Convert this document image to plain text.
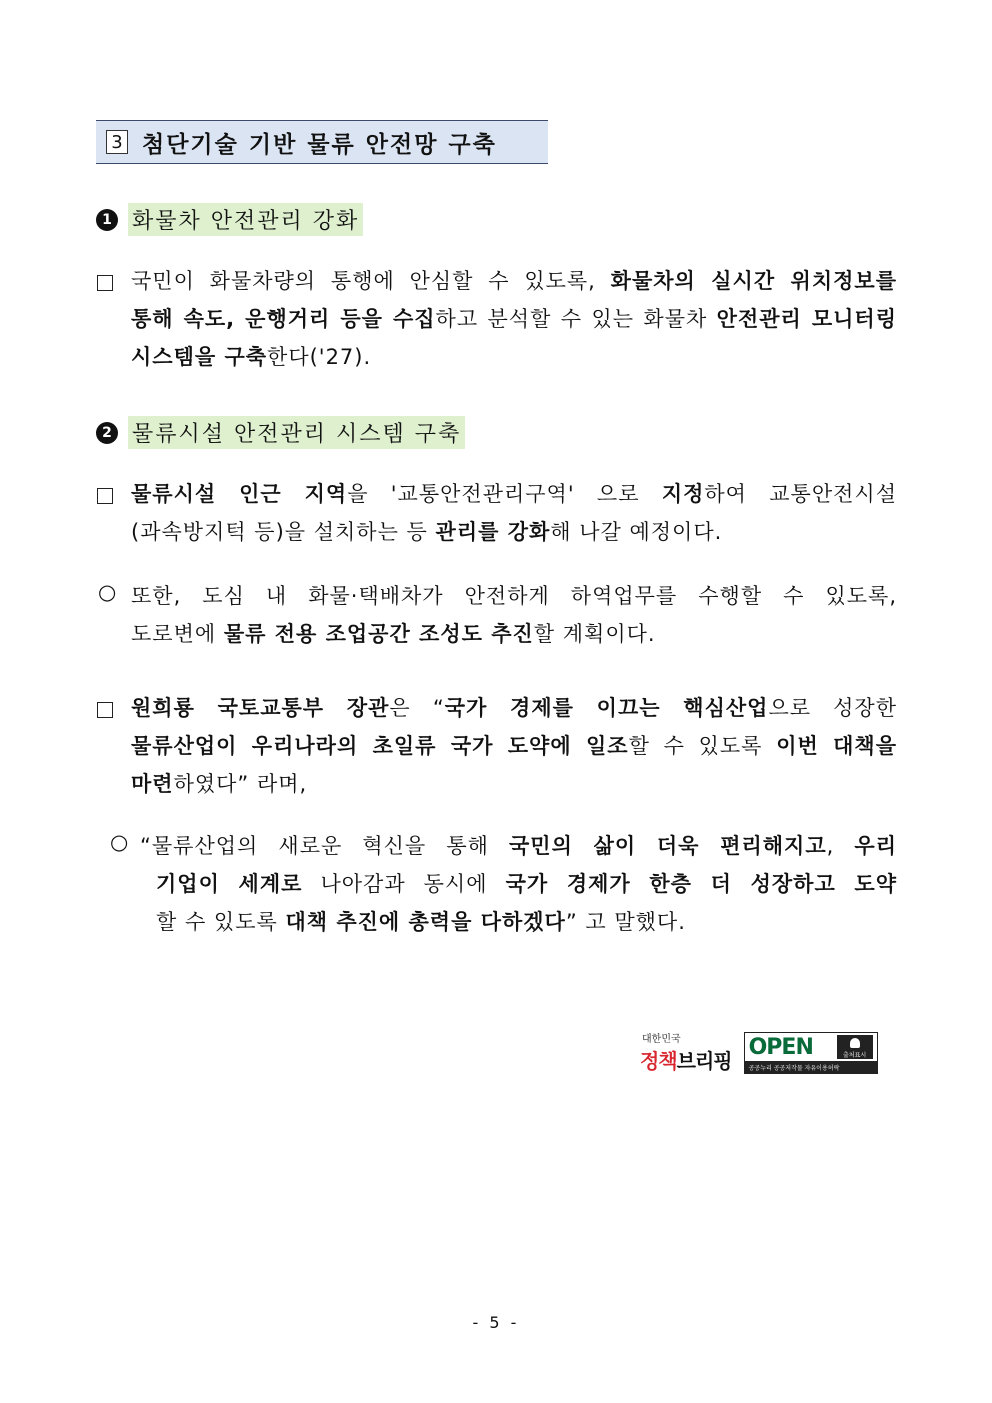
3 첨단기술 기반 물류 안전망 구축
1 화물차 안전관리 강화
국민이 화물차량의 통행에 안심할 수 있도록, 화물차의 실시간 위치정보를
통해 속도, 운행거리 등을 수집하고 분석할 수 있는 화물차 안전관리 모니터링
시스템을 구축한다('27).
2 물류시설 안전관리 시스템 구축
물류시설 인근 지역을 '교통안전관리구역' 으로 지정하여 교통안전시설
(과속방지턱 등)을 설치하는 등 관리를 강화해 나갈 예정이다.
○ 또한, 도심 내 화물·택배차가 안전하게 하역업무를 수행할 수 있도록,
도로변에 물류 전용 조업공간 조성도 추진할 계획이다.
원희룡 국토교통부 장관은 “국가 경제를 이끄는 핵심산업으로 성장한
물류산업이 우리나라의 초일류 국가 도약에 일조할 수 있도록 이번 대책을
마련하였다” 라며,
○ “물류산업의 새로운 혁신을 통해 국민의 삶이 더욱 편리해지고, 우리
기업이 세계로 나아감과 동시에 국가 경제가 한층 더 성장하고 도약
할 수 있도록 대책 추진에 총력을 다하겠다” 고 말했다.
대한민국
정책브리핑
OPEN	출처표시
공공누리 공공저작물 자유이용허락
- 5 -
